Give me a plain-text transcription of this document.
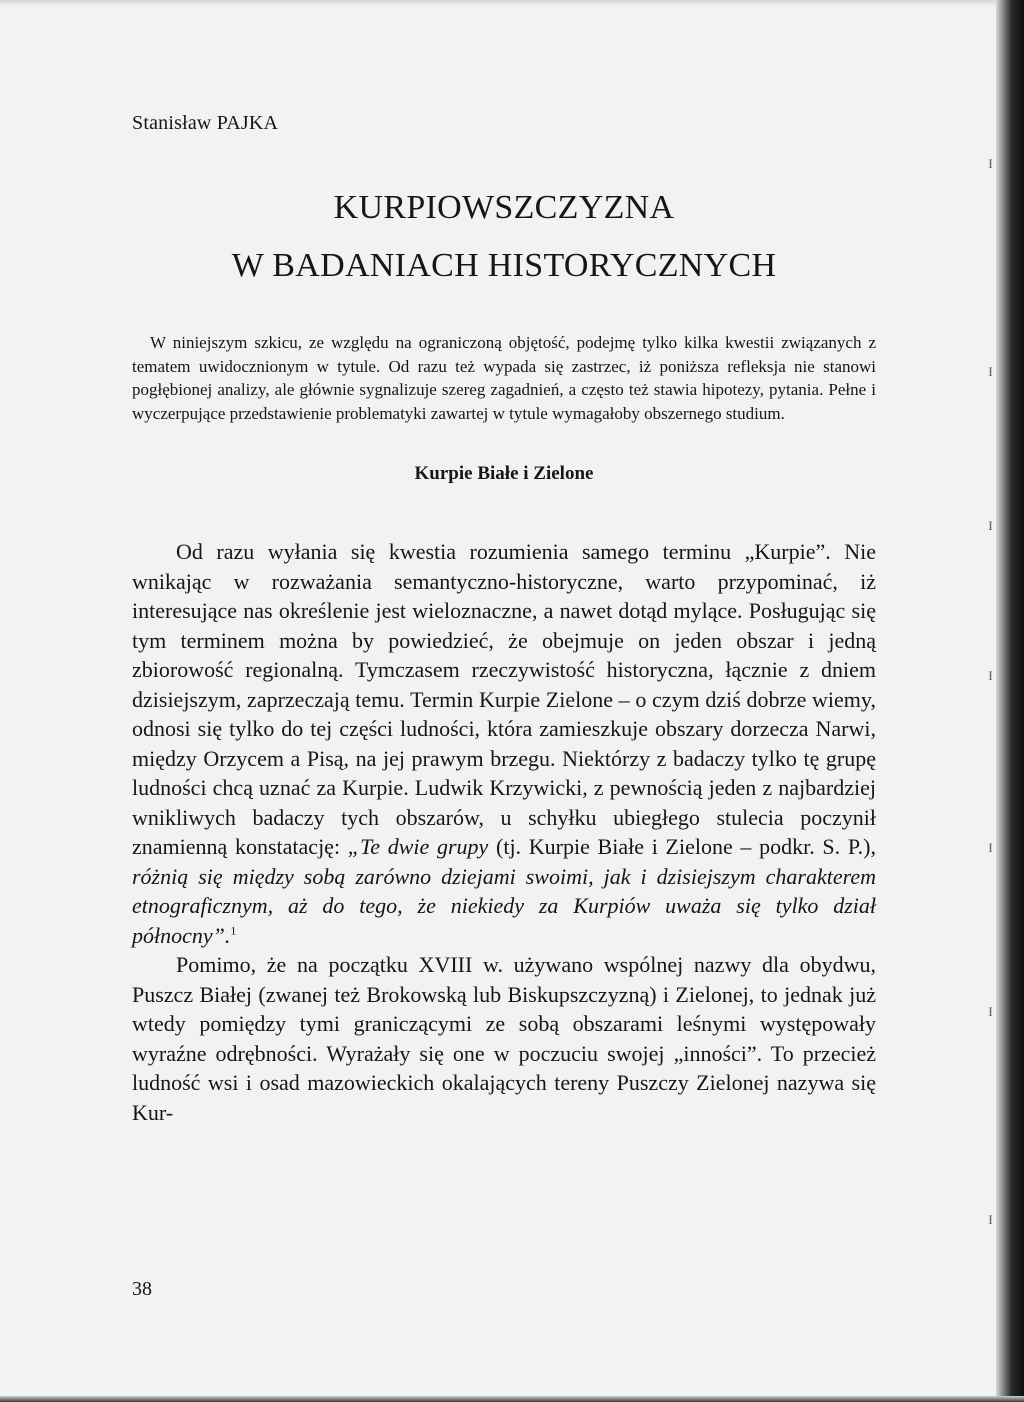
Stanisław PAJKA
KURPIOWSZCZYZNA
W BADANIACH HISTORYCZNYCH

W niniejszym szkicu, ze względu na ograniczoną objętość, podejmę tylko kilka kwestii związanych z tematem uwidocznionym w tytule. Od razu też wypada się zastrzec, iż poniższa refleksja nie stanowi pogłębionej analizy, ale głównie sygnalizuje szereg zagadnień, a często też stawia hipotezy, pytania. Pełne i wyczerpujące przedstawienie problematyki zawartej w tytule wymagałoby obszernego studium.

Kurpie Białe i Zielone

Od razu wyłania się kwestia rozumienia samego terminu „Kurpie”. Nie wnikając w rozważania semantyczno-historyczne, warto przypominać, iż interesujące nas określenie jest wieloznaczne, a nawet dotąd mylące. Posługując się tym terminem można by powiedzieć, że obejmuje on jeden obszar i jedną zbiorowość regionalną. Tymczasem rzeczywistość historyczna, łącznie z dniem dzisiejszym, zaprzeczają temu. Termin Kurpie Zielone – o czym dziś dobrze wiemy, odnosi się tylko do tej części ludności, która zamieszkuje obszary dorzecza Narwi, między Orzycem a Pisą, na jej prawym brzegu. Niektórzy z badaczy tylko tę grupę ludności chcą uznać za Kurpie. Ludwik Krzywicki, z pewnością jeden z najbardziej wnikliwych badaczy tych obszarów, u schyłku ubiegłego stulecia poczynił znamienną konstatację: „Te dwie grupy (tj. Kurpie Białe i Zielone – podkr. S. P.), różnią się między sobą zarówno dziejami swoimi, jak i dzisiejszym charakterem etnograficznym, aż do tego, że niekiedy za Kurpiów uważa się tylko dział północny”.$^1$

Pomimo, że na początku XVIII w. używano wspólnej nazwy dla obydwu, Puszcz Białej (zwanej też Brokowską lub Biskupszczyzną) i Zielonej, to jednak już wtedy pomiędzy tymi graniczącymi ze sobą obszarami leśnymi występowały wyraźne odrębności. Wyrażały się one w poczuciu swojej „inności”. To przecież ludność wsi i osad mazowieckich okalających tereny Puszczy Zielonej nazywa się Kur-

38
ɪ
ɪ
ɪ
ɪ
ɪ
ɪ
ɪ
